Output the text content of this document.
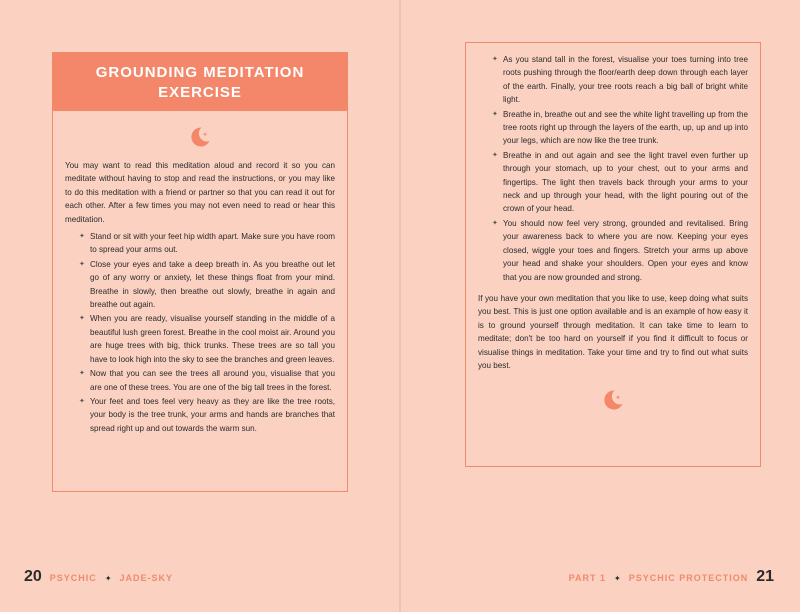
GROUNDING MEDITATION
EXERCISE

You may want to read this meditation aloud and record it so you can meditate without having to stop and read the instructions, or you may like to do this meditation with a friend or partner so that you can read it out for each other. After a few times you may not even need to read or hear this meditation.

✦ Stand or sit with your feet hip width apart. Make sure you have room to spread your arms out.
✦ Close your eyes and take a deep breath in. As you breathe out let go of any worry or anxiety, let these things float from your mind. Breathe in slowly, then breathe out slowly, breathe in again and breathe out again.
✦ When you are ready, visualise yourself standing in the middle of a beautiful lush green forest. Breathe in the cool moist air. Around you are huge trees with big, thick trunks. These trees are so tall you have to look high into the sky to see the branches and green leaves.
✦ Now that you can see the trees all around you, visualise that you are one of these trees. You are one of the big tall trees in the forest.
✦ Your feet and toes feel very heavy as they are like the tree roots, your body is the tree trunk, your arms and hands are branches that spread right up and out towards the warm sun.
20 PSYCHIC ✦ JADE-SKY
✦ As you stand tall in the forest, visualise your toes turning into tree roots pushing through the floor/earth deep down through each layer of the earth. Finally, your tree roots reach a big ball of bright white light.
✦ Breathe in, breathe out and see the white light travelling up from the tree roots right up through the layers of the earth, up, up and up into your legs, which are now like the tree trunk.
✦ Breathe in and out again and see the light travel even further up through your stomach, up to your chest, out to your arms and fingertips. The light then travels back through your arms to your neck and up through your head, with the light pouring out of the crown of your head.
✦ You should now feel very strong, grounded and revitalised. Bring your awareness back to where you are now. Keeping your eyes closed, wiggle your toes and fingers. Stretch your arms up above your head and shake your shoulders. Open your eyes and know that you are now grounded and strong.

If you have your own meditation that you like to use, keep doing what suits you best. This is just one option available and is an example of how easy it is to ground yourself through meditation. It can take time to learn to meditate; don't be too hard on yourself if you find it difficult to focus or visualise things in meditation. Take your time and try to find out what suits you best.

PART 1 ✦ PSYCHIC PROTECTION 21
